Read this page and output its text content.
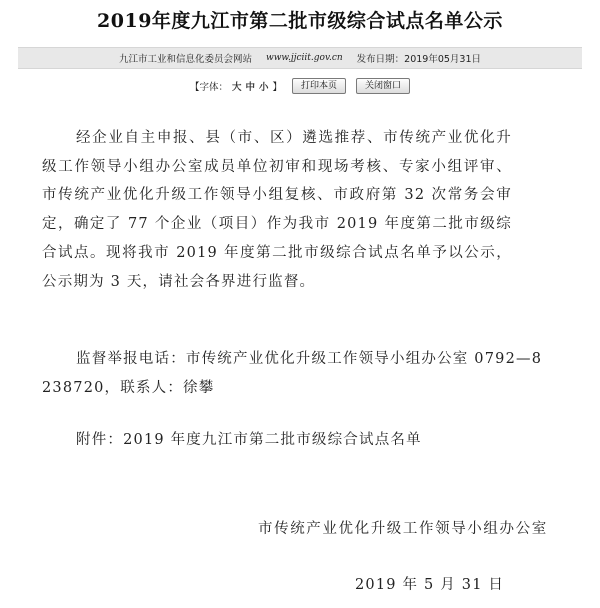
2019年度九江市第二批市级综合试点名单公示
九江市工业和信息化委员会网站 www.jjciit.gov.cn 发布日期：2019年05月31日
【字体： 大 中 小 】	打印本页	关闭窗口
经企业自主申报、县（市、区）遴选推荐、市传统产业优化升级工作领导小组办公室成员单位初审和现场考核、专家小组评审、市传统产业优化升级工作领导小组复核、市政府第 32 次常务会审定，确定了 77 个企业（项目）作为我市 2019 年度第二批市级综合试点。现将我市 2019 年度第二批市级综合试点名单予以公示，公示期为 3 天，请社会各界进行监督。
监督举报电话：市传统产业优化升级工作领导小组办公室 0792—8
238720，联系人：徐攀
附件：2019 年度九江市第二批市级综合试点名单
市传统产业优化升级工作领导小组办公室
2019 年 5 月 31 日
